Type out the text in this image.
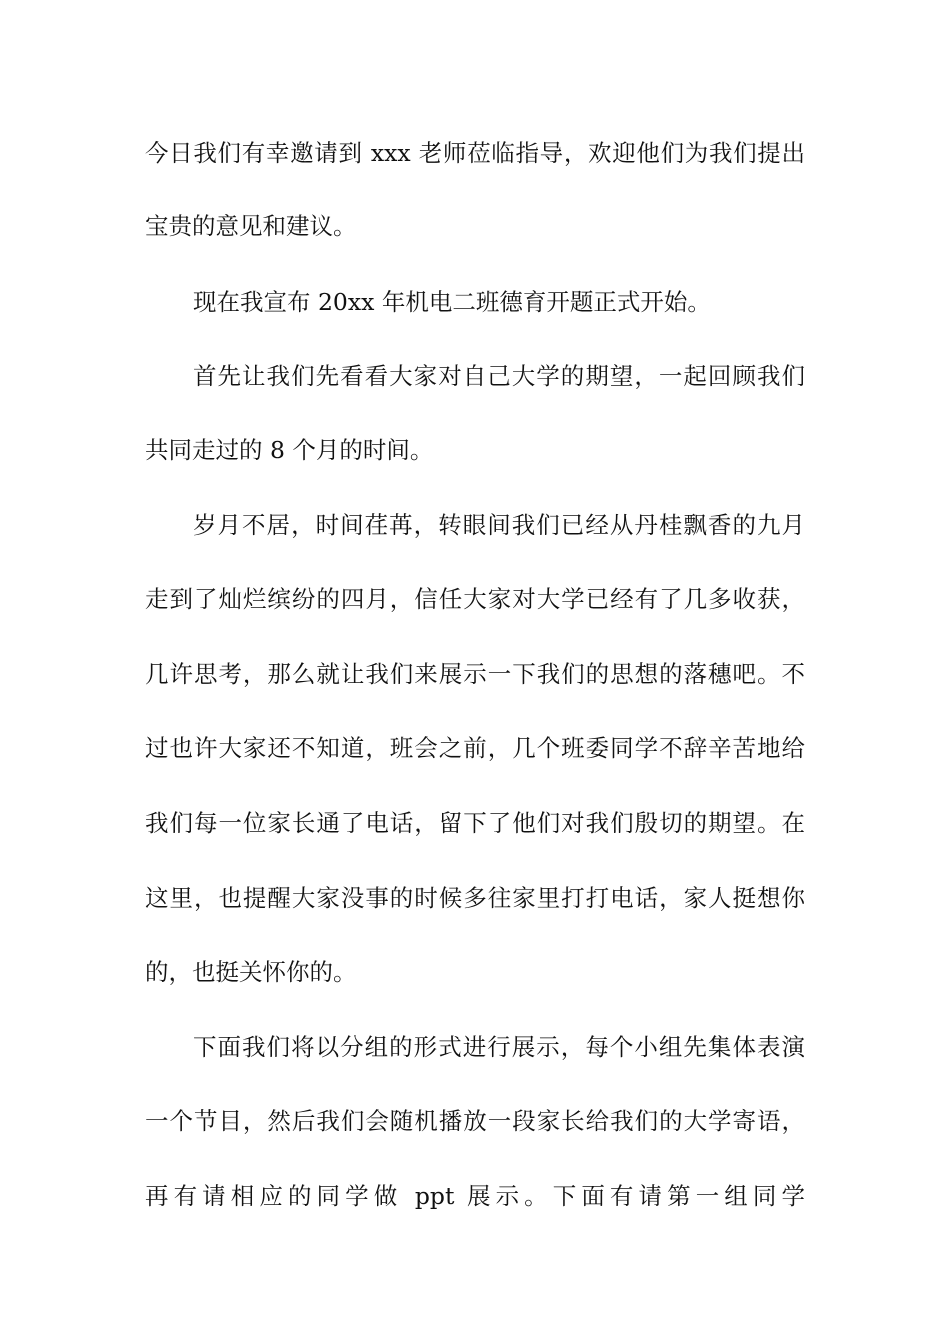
今日我们有幸邀请到 xxx 老师莅临指导，欢迎他们为我们提出
宝贵的意见和建议。
现在我宣布 20xx 年机电二班德育开题正式开始。
首先让我们先看看大家对自己大学的期望，一起回顾我们
共同走过的 8 个月的时间。
岁月不居，时间荏苒，转眼间我们已经从丹桂飘香的九月
走到了灿烂缤纷的四月，信任大家对大学已经有了几多收获，
几许思考，那么就让我们来展示一下我们的思想的落穗吧。不
过也许大家还不知道，班会之前，几个班委同学不辞辛苦地给
我们每一位家长通了电话，留下了他们对我们殷切的期望。在
这里，也提醒大家没事的时候多往家里打打电话，家人挺想你
的，也挺关怀你的。
下面我们将以分组的形式进行展示，每个小组先集体表演
一个节目，然后我们会随机播放一段家长给我们的大学寄语，
再有请相应的同学做 ppt 展示。下面有请第一组同学
